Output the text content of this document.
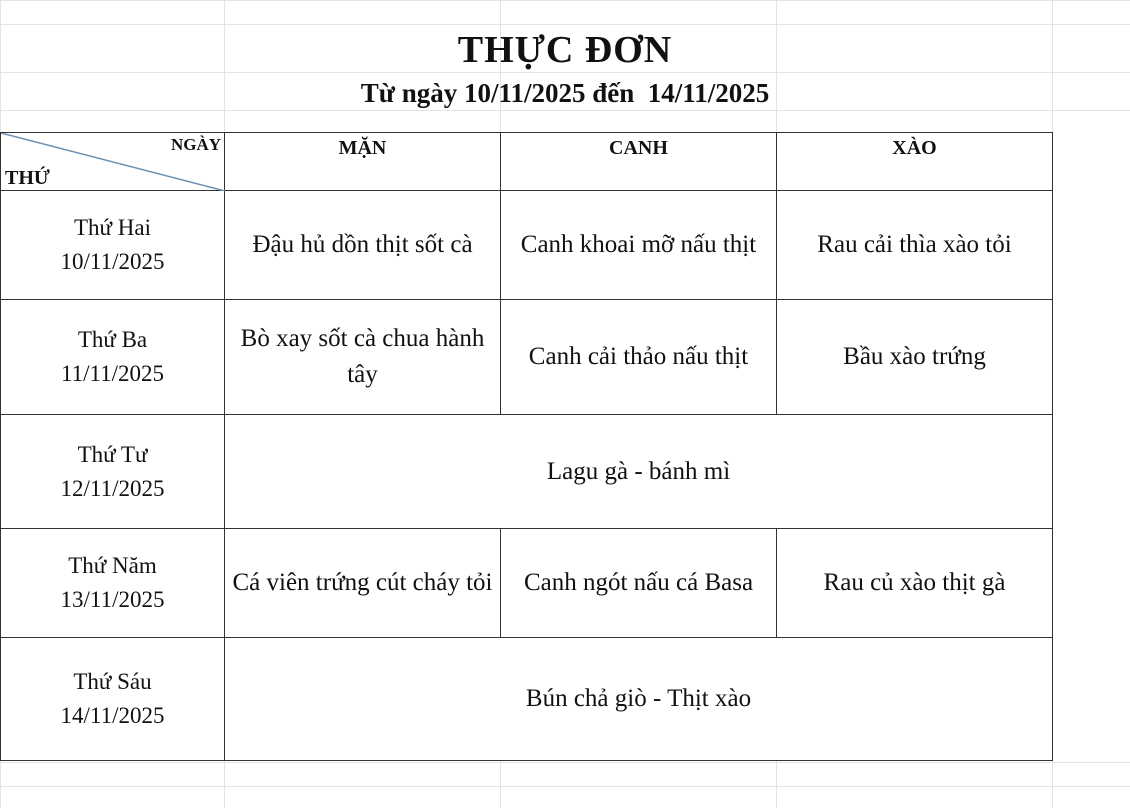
THỰC ĐƠN
Từ ngày 10/11/2025 đến  14/11/2025
NGÀY
THỨ	MẶN	CANH	XÀO

Thứ Hai
10/11/2025	Đậu hủ dồn thịt sốt cà	Canh khoai mỡ nấu thịt	Rau cải thìa xào tỏi

Thứ Ba
11/11/2025	Bò xay sốt cà chua hành tây	Canh cải thảo nấu thịt	Bầu xào trứng

Thứ Tư
12/11/2025	Lagu gà - bánh mì		

Thứ Năm
13/11/2025	Cá viên trứng cút cháy tỏi	Canh ngót nấu cá Basa	Rau củ xào thịt gà

Thứ Sáu
14/11/2025	Bún chả giò - Thịt xào		
